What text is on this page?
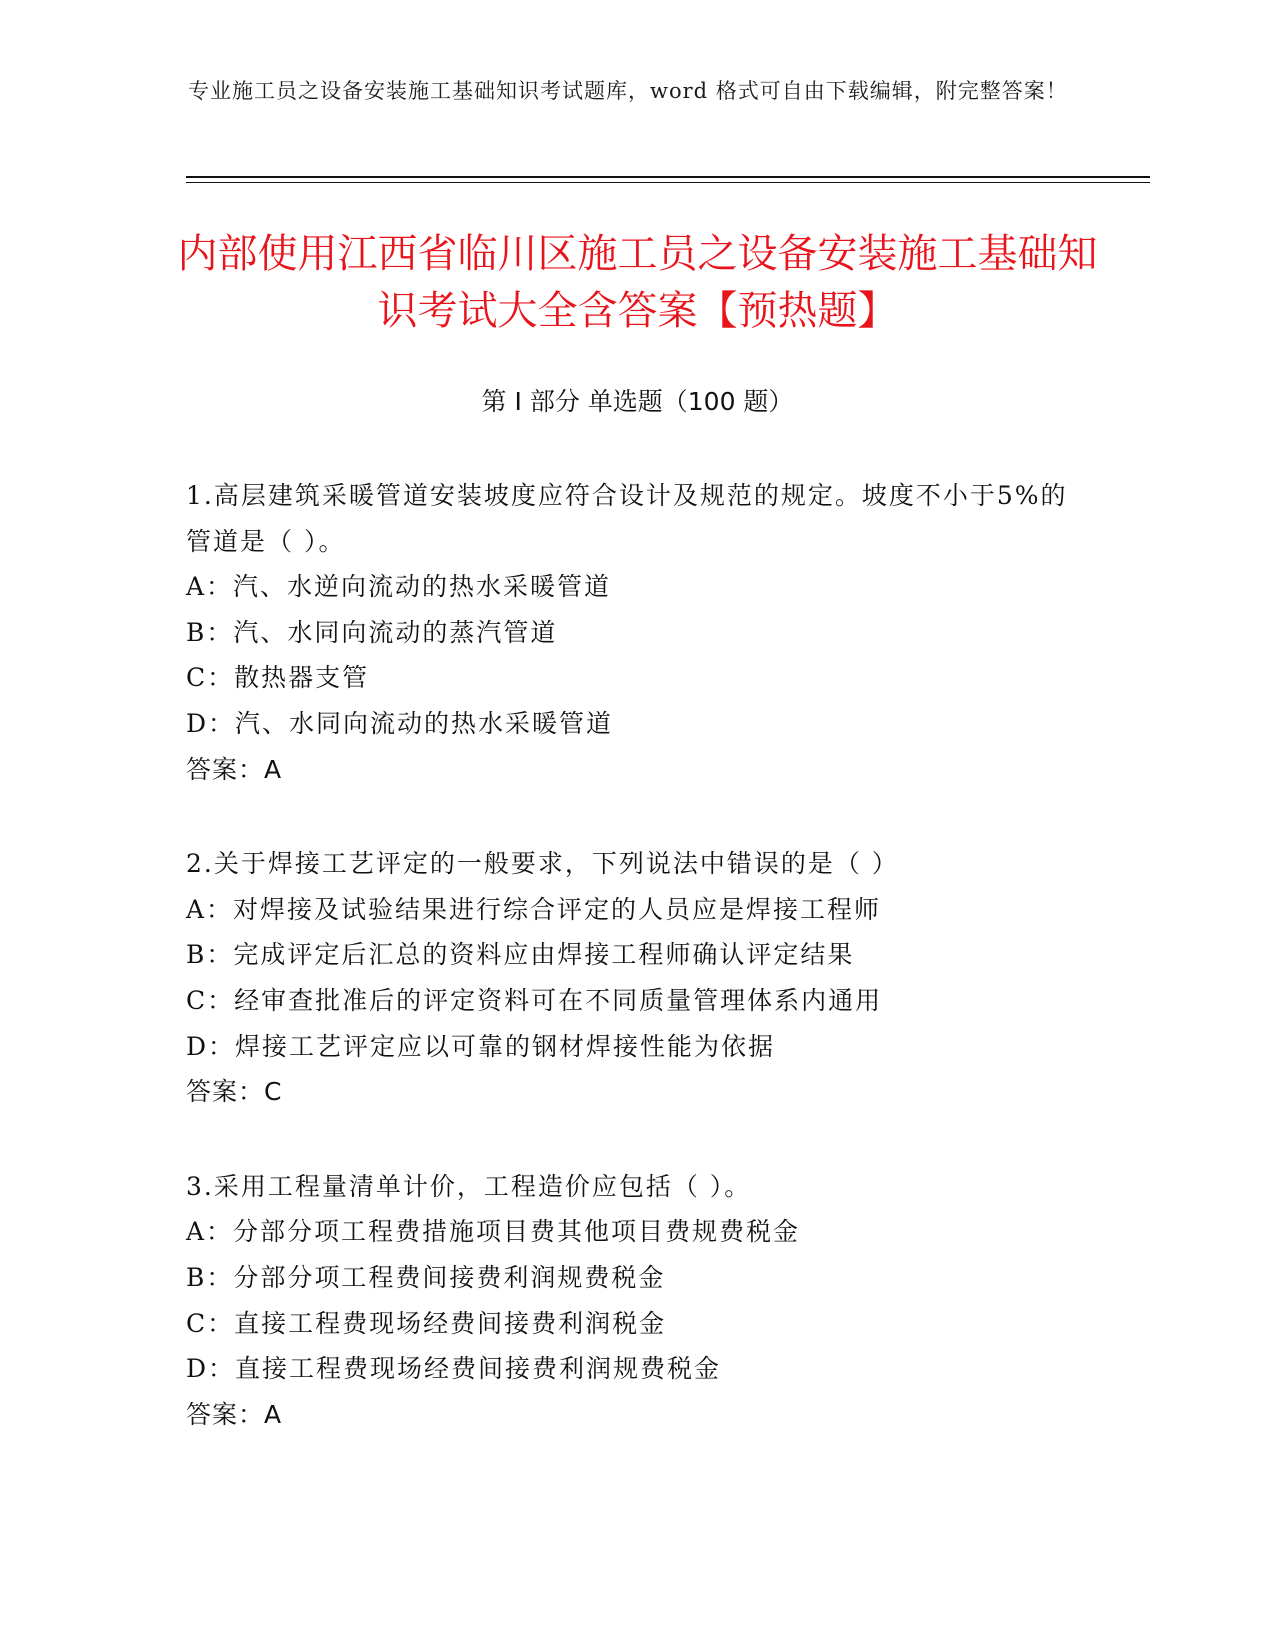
专业施工员之设备安装施工基础知识考试题库，word 格式可自由下载编辑，附完整答案！
内部使用江西省临川区施工员之设备安装施工基础知识考试大全含答案【预热题】
第 I 部分 单选题（100 题）
1.高层建筑采暖管道安装坡度应符合设计及规范的规定。坡度不小于5%的管道是（ ）。
A：汽、水逆向流动的热水采暖管道
B：汽、水同向流动的蒸汽管道
C：散热器支管
D：汽、水同向流动的热水采暖管道
答案：A
2.关于焊接工艺评定的一般要求，下列说法中错误的是（ ）
A：对焊接及试验结果进行综合评定的人员应是焊接工程师
B：完成评定后汇总的资料应由焊接工程师确认评定结果
C：经审查批准后的评定资料可在不同质量管理体系内通用
D：焊接工艺评定应以可靠的钢材焊接性能为依据
答案：C
3.采用工程量清单计价，工程造价应包括（ ）。
A：分部分项工程费措施项目费其他项目费规费税金
B：分部分项工程费间接费利润规费税金
C：直接工程费现场经费间接费利润税金
D：直接工程费现场经费间接费利润规费税金
答案：A
